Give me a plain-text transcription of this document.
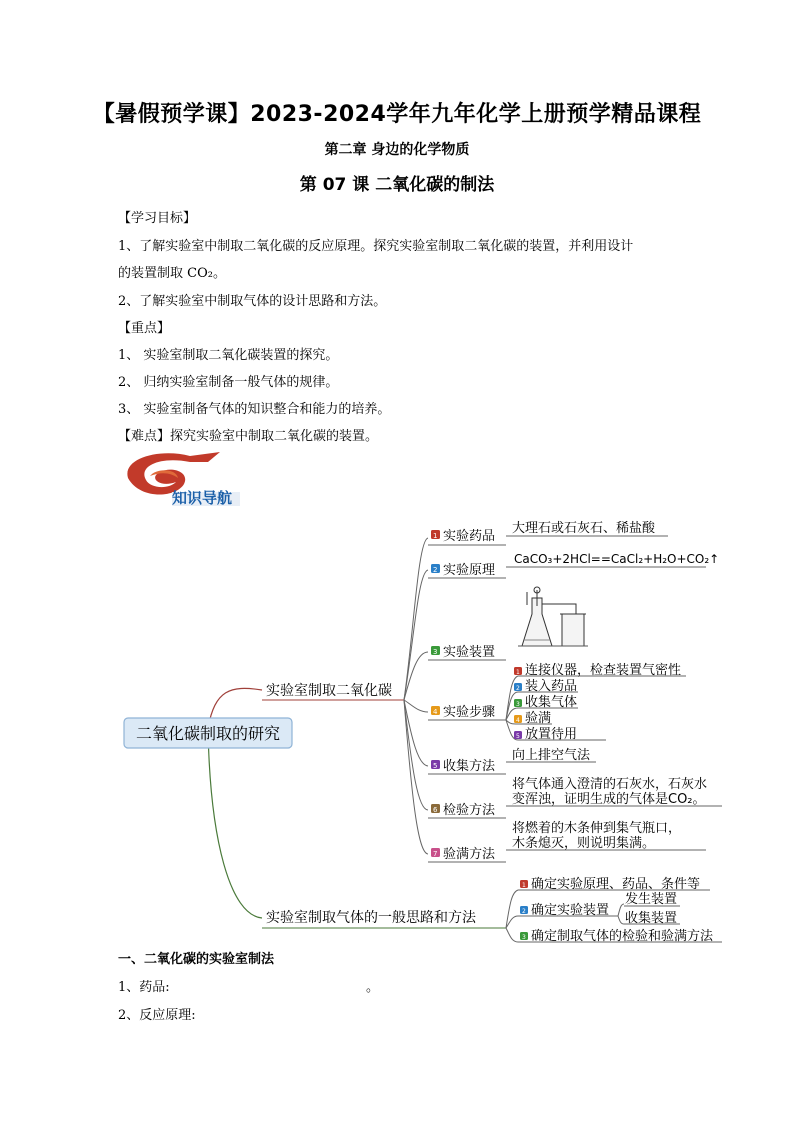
【暑假预学课】2023-2024学年九年化学上册预学精品课程
第二章 身边的化学物质
第 07 课 二氧化碳的制法
【学习目标】
1、了解实验室中制取二氧化碳的反应原理。探究实验室制取二氧化碳的装置，并利用设计
的装置制取 CO₂。
2、了解实验室中制取气体的设计思路和方法。
【重点】
1、 实验室制取二氧化碳装置的探究。
2、 归纳实验室制备一般气体的规律。
3、 实验室制备气体的知识整合和能力的培养。
【难点】探究实验室中制取二氧化碳的装置。
知识导航
二氧化碳制取的研究
实验室制取二氧化碳
1 实验药品
大理石或石灰石、稀盐酸
2 实验原理
CaCO₃+2HCl==CaCl₂+H₂O+CO₂↑
3 实验装置
4 实验步骤
1 连接仪器，检查装置气密性
2 装入药品
3 收集气体
4 验满
5 放置待用
5 收集方法
向上排空气法
6 检验方法
将气体通入澄清的石灰水，石灰水
变浑浊，证明生成的气体是CO₂。
7 验满方法
将燃着的木条伸到集气瓶口，
木条熄灭，则说明集满。
实验室制取气体的一般思路和方法
1 确定实验原理、药品、条件等
2 确定实验装置
发生装置
收集装置
3 确定制取气体的检验和验满方法
一、二氧化碳的实验室制法
1、药品:	。
2、反应原理:
